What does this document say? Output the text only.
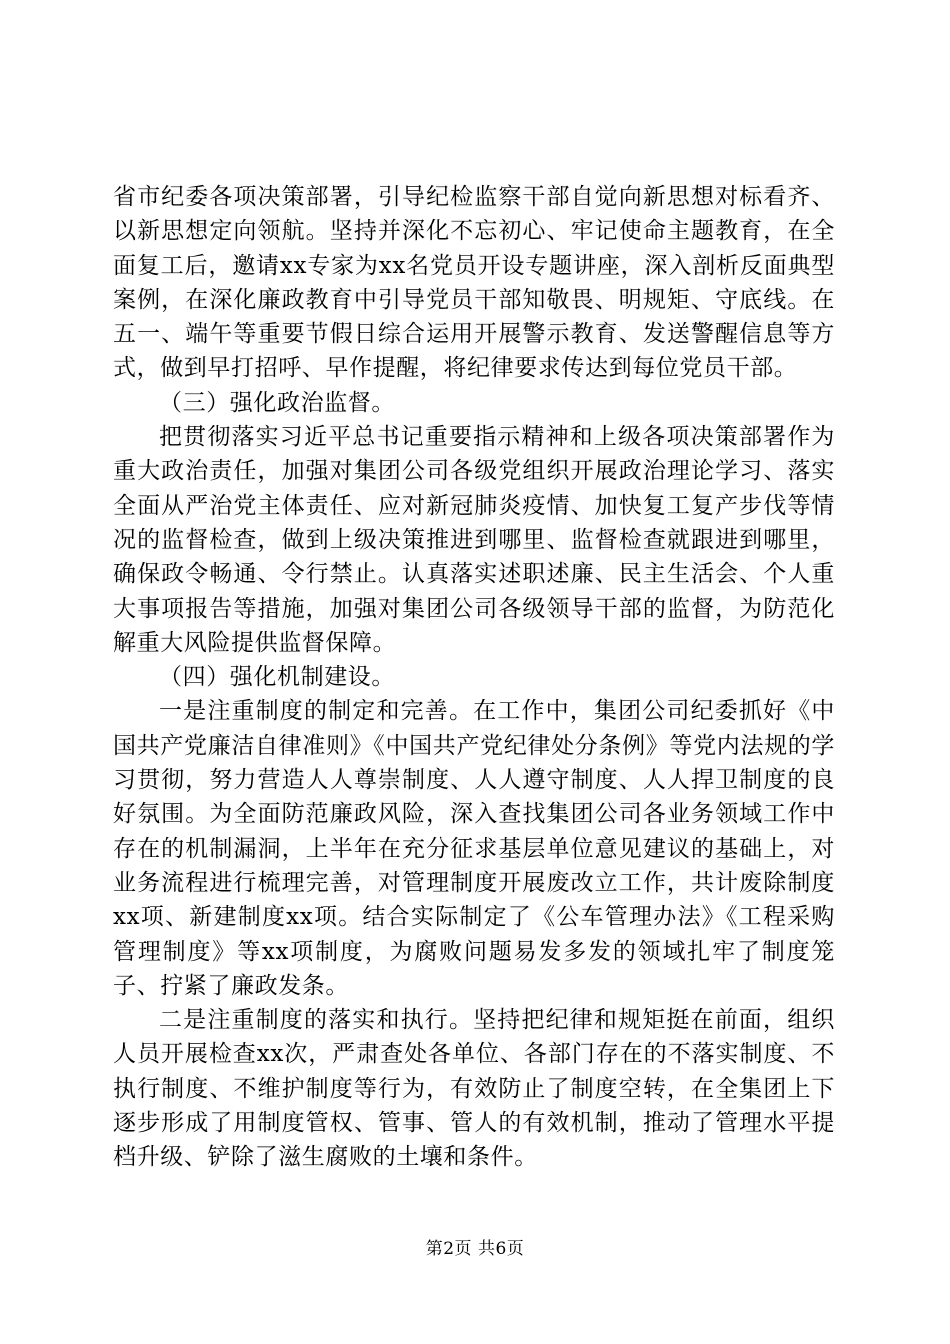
省市纪委各项决策部署，引导纪检监察干部自觉向新思想对标看齐、以新思想定向领航。坚持并深化不忘初心、牢记使命主题教育，在全面复工后，邀请xx专家为xx名党员开设专题讲座，深入剖析反面典型案例，在深化廉政教育中引导党员干部知敬畏、明规矩、守底线。在五一、端午等重要节假日综合运用开展警示教育、发送警醒信息等方式，做到早打招呼、早作提醒，将纪律要求传达到每位党员干部。

（三）强化政治监督。

把贯彻落实习近平总书记重要指示精神和上级各项决策部署作为重大政治责任，加强对集团公司各级党组织开展政治理论学习、落实全面从严治党主体责任、应对新冠肺炎疫情、加快复工复产步伐等情况的监督检查，做到上级决策推进到哪里、监督检查就跟进到哪里，确保政令畅通、令行禁止。认真落实述职述廉、民主生活会、个人重大事项报告等措施，加强对集团公司各级领导干部的监督，为防范化解重大风险提供监督保障。

（四）强化机制建设。

一是注重制度的制定和完善。在工作中，集团公司纪委抓好《中国共产党廉洁自律准则》《中国共产党纪律处分条例》等党内法规的学习贯彻，努力营造人人尊崇制度、人人遵守制度、人人捍卫制度的良好氛围。为全面防范廉政风险，深入查找集团公司各业务领域工作中存在的机制漏洞，上半年在充分征求基层单位意见建议的基础上，对业务流程进行梳理完善，对管理制度开展废改立工作，共计废除制度xx项、新建制度xx项。结合实际制定了《公车管理办法》《工程采购管理制度》等xx项制度，为腐败问题易发多发的领域扎牢了制度笼子、拧紧了廉政发条。

二是注重制度的落实和执行。坚持把纪律和规矩挺在前面，组织人员开展检查xx次，严肃查处各单位、各部门存在的不落实制度、不执行制度、不维护制度等行为，有效防止了制度空转，在全集团上下逐步形成了用制度管权、管事、管人的有效机制，推动了管理水平提档升级、铲除了滋生腐败的土壤和条件。

第2页 共6页
